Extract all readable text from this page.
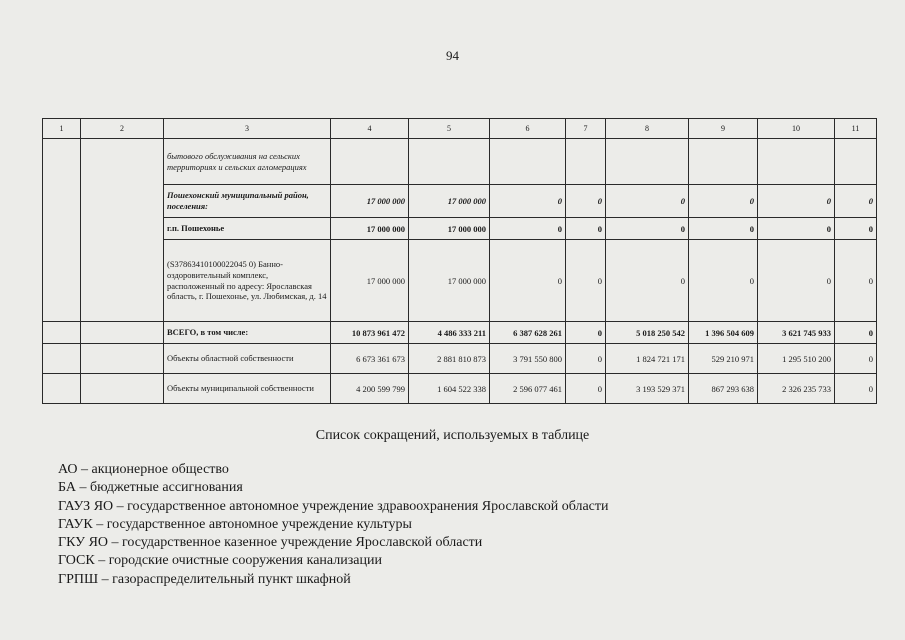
94
1	2	3	4	5	6	7	8	9	10	11
		бытового обслуживания на сельских территориях и сельских агломерациях								
		Пошехонский муниципальный район, поселения:	17 000 000	17 000 000	0	0	0	0	0	0
		г.п. Пошехонье	17 000 000	17 000 000	0	0	0	0	0	0
		(S37863410100022045 0) Банно-оздоровительный комплекс, расположенный по адресу: Ярославская область, г. Пошехонье, ул. Любимская, д. 14	17 000 000	17 000 000	0	0	0	0	0	0
		ВСЕГО, в том числе:	10 873 961 472	4 486 333 211	6 387 628 261	0	5 018 250 542	1 396 504 609	3 621 745 933	0
		Объекты областной собственности	6 673 361 673	2 881 810 873	3 791 550 800	0	1 824 721 171	529 210 971	1 295 510 200	0
		Объекты муниципальной собственности	4 200 599 799	1 604 522 338	2 596 077 461	0	3 193 529 371	867 293 638	2 326 235 733	0
Список сокращений, используемых в таблице
АО – акционерное общество
БА – бюджетные ассигнования
ГАУЗ ЯО – государственное автономное учреждение здравоохранения Ярославской области
ГАУК – государственное автономное учреждение культуры
ГКУ ЯО – государственное казенное учреждение Ярославской области
ГОСК – городские очистные сооружения канализации
ГРПШ – газораспределительный пункт шкафной
